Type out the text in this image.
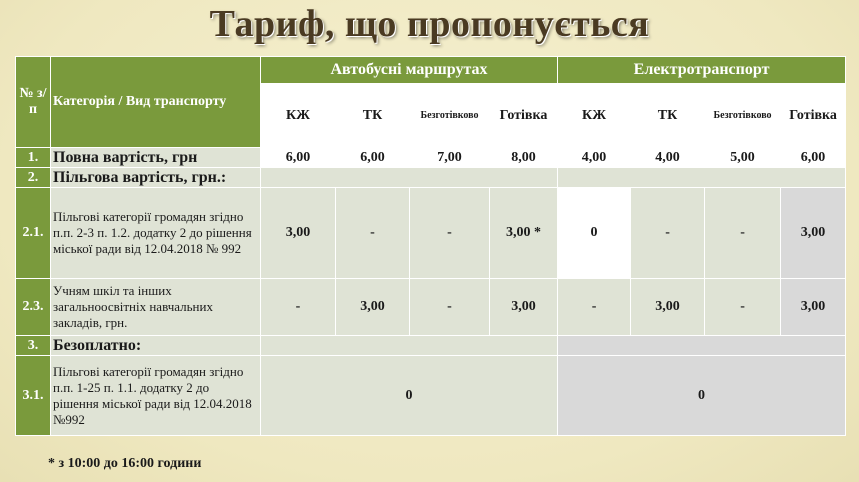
Тариф, що пропонується
№ з/п	Категорія / Вид транспорту	Автобусні маршрутах				Електротранспорт			
		КЖ	ТК	Безготівково	Готівка	КЖ	ТК	Безготівково	Готівка
1.	Повна вартість, грн	6,00	6,00	7,00	8,00	4,00	4,00	5,00	6,00
2.	Пільгова вартість, грн.:								
2.1.	Пільгові категорії громадян згідно п.п. 2-3 п. 1.2. додатку 2 до рішення міської ради від 12.04.2018 № 992	3,00	-	-	3,00 *	0	-	-	3,00
2.3.	Учням шкіл та інших загальноосвітніх навчальних закладів, грн.	-	3,00	-	3,00	-	3,00	-	3,00
3.	Безоплатно:								
3.1.	Пільгові категорії громадян згідно п.п. 1-25 п. 1.1. додатку 2 до рішення міської ради від 12.04.2018 №992	0				0			
* з 10:00 до 16:00 години
